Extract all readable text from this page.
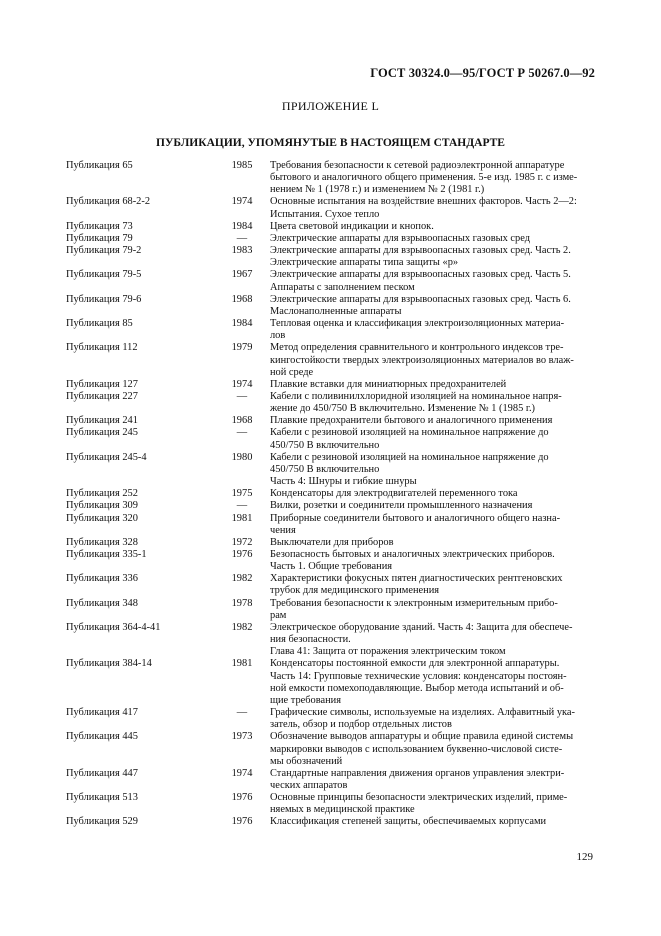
ГОСТ 30324.0—95/ГОСТ Р 50267.0—92
ПРИЛОЖЕНИЕ L
ПУБЛИКАЦИИ, УПОМЯНУТЫЕ В НАСТОЯЩЕМ СТАНДАРТЕ
Публикация 65	1985	Требования безопасности к сетевой радиоэлектронной аппаратуре
бытового и аналогичного общего применения. 5-е изд. 1985 г. с изме-
нением № 1 (1978 г.) и изменением № 2 (1981 г.)
Публикация 68-2-2	1974	Основные испытания на воздействие внешних факторов. Часть 2—2:
Испытания. Сухое тепло
Публикация 73	1984	Цвета световой индикации и кнопок.
Публикация 79	—	Электрические аппараты для взрывоопасных газовых сред
Публикация 79-2	1983	Электрические аппараты для взрывоопасных газовых сред. Часть 2.
Электрические аппараты типа защиты «р»
Публикация 79-5	1967	Электрические аппараты для взрывоопасных газовых сред. Часть 5.
Аппараты с заполнением песком
Публикация 79-6	1968	Электрические аппараты для взрывоопасных газовых сред. Часть 6.
Маслонаполненные аппараты
Публикация 85	1984	Тепловая оценка и классификация электроизоляционных материа-
лов
Публикация 112	1979	Метод определения сравнительного и контрольного индексов тре-
кингостойкости твердых электроизоляционных материалов во влаж-
ной среде
Публикация 127	1974	Плавкие вставки для миниатюрных предохранителей
Публикация 227	—	Кабели с поливинилхлоридной изоляцией на номинальное напря-
жение до 450/750 В включительно. Изменение № 1 (1985 г.)
Публикация 241	1968	Плавкие предохранители бытового и аналогичного применения
Публикация 245	—	Кабели с резиновой изоляцией на номинальное напряжение до
450/750 В включительно
Публикация 245-4	1980	Кабели с резиновой изоляцией на номинальное напряжение до
450/750 В включительно
Часть 4: Шнуры и гибкие шнуры
Публикация 252	1975	Конденсаторы для электродвигателей переменного тока
Публикация 309	—	Вилки, розетки и соединители промышленного назначения
Публикация 320	1981	Приборные соединители бытового и аналогичного общего назна-
чения
Публикация 328	1972	Выключатели для приборов
Публикация 335-1	1976	Безопасность бытовых и аналогичных электрических приборов.
Часть 1. Общие требования
Публикация 336	1982	Характеристики фокусных пятен диагностических рентгеновских
трубок для медицинского применения
Публикация 348	1978	Требования безопасности к электронным измерительным прибо-
рам
Публикация 364-4-41	1982	Электрическое оборудование зданий. Часть 4: Защита для обеспече-
ния безопасности.
Глава 41: Защита от поражения электрическим током
Публикация 384-14	1981	Конденсаторы постоянной емкости для электронной аппаратуры.
Часть 14: Групповые технические условия: конденсаторы постоян-
ной емкости помехоподавляющие. Выбор метода испытаний и об-
щие требования
Публикация 417	—	Графические символы, используемые на изделиях. Алфавитный ука-
затель, обзор и подбор отдельных листов
Публикация 445	1973	Обозначение выводов аппаратуры и общие правила единой системы
маркировки выводов с использованием буквенно-числовой систе-
мы обозначений
Публикация 447	1974	Стандартные направления движения органов управления электри-
ческих аппаратов
Публикация 513	1976	Основные принципы безопасности электрических изделий, приме-
няемых в медицинской практике
Публикация 529	1976	Классификация степеней защиты, обеспечиваемых корпусами
129
